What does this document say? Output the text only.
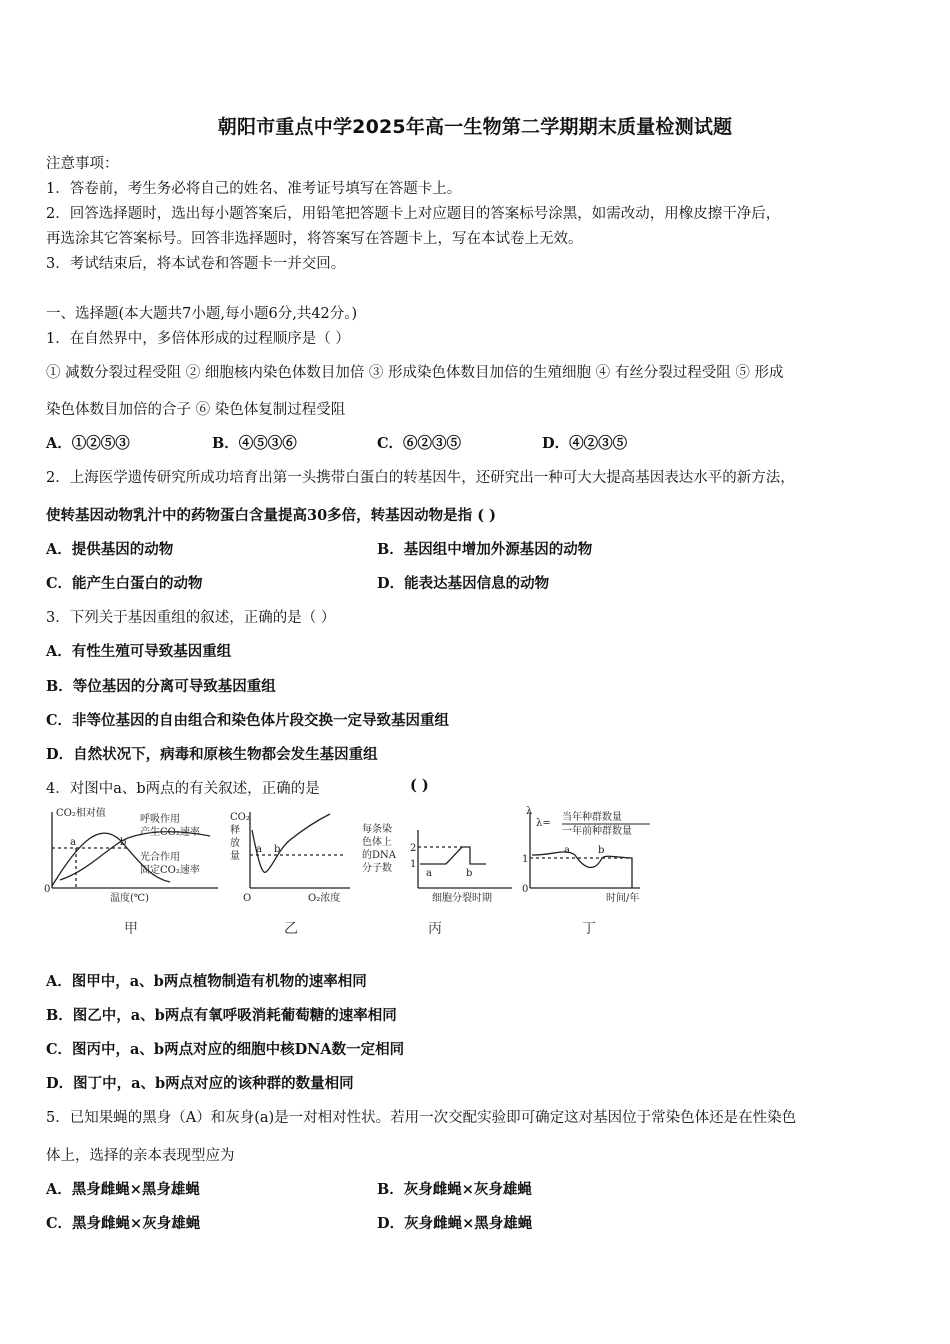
朝阳市重点中学2025年高一生物第二学期期末质量检测试题
注意事项：
1．答卷前，考生务必将自己的姓名、准考证号填写在答题卡上。
2．回答选择题时，选出每小题答案后，用铅笔把答题卡上对应题目的答案标号涂黑，如需改动，用橡皮擦干净后，
再选涂其它答案标号。回答非选择题时，将答案写在答题卡上，写在本试卷上无效。
3．考试结束后，将本试卷和答题卡一并交回。
一、选择题(本大题共7小题,每小题6分,共42分。)
1．在自然界中，多倍体形成的过程顺序是（ ）
① 减数分裂过程受阻 ② 细胞核内染色体数目加倍 ③ 形成染色体数目加倍的生殖细胞 ④ 有丝分裂过程受阻 ⑤ 形成
染色体数目加倍的合子 ⑥ 染色体复制过程受阻
A．①②⑤③	B．④⑤③⑥	C．⑥②③⑤	D．④②③⑤
2．上海医学遗传研究所成功培育出第一头携带白蛋白的转基因牛，还研究出一种可大大提高基因表达水平的新方法，
使转基因动物乳汁中的药物蛋白含量提高30多倍，转基因动物是指 ( )
A．提供基因的动物	B．基因组中增加外源基因的动物
C．能产生白蛋白的动物	D．能表达基因信息的动物
3．下列关于基因重组的叙述，正确的是（ ）
A．有性生殖可导致基因重组
B．等位基因的分离可导致基因重组
C．非等位基因的自由组合和染色体片段交换一定导致基因重组
D．自然状况下，病毒和原核生物都会发生基因重组
4．对图中a、b两点的有关叙述，正确的是	( )
CO₂相对值
呼吸作用
产生CO₂速率
光合作用
固定CO₂速率
温度(℃)
0
a	b
CO₂
释
放
量
O₂浓度
O
a b
每条染
色体上
的DNA
分子数
2
1
细胞分裂时期
a	b
λ
λ=
当年种群数量
一年前种群数量
1
时间/年
0
a	b
甲	乙	丙	丁
A．图甲中，a、b两点植物制造有机物的速率相同
B．图乙中，a、b两点有氧呼吸消耗葡萄糖的速率相同
C．图丙中，a、b两点对应的细胞中核DNA数一定相同
D．图丁中，a、b两点对应的该种群的数量相同
5．已知果蝇的黑身（A）和灰身(a)是一对相对性状。若用一次交配实验即可确定这对基因位于常染色体还是在性染色
体上，选择的亲本表现型应为
A．黑身雌蝇×黑身雄蝇	B．灰身雌蝇×灰身雄蝇
C．黑身雌蝇×灰身雄蝇	D．灰身雌蝇×黑身雄蝇
